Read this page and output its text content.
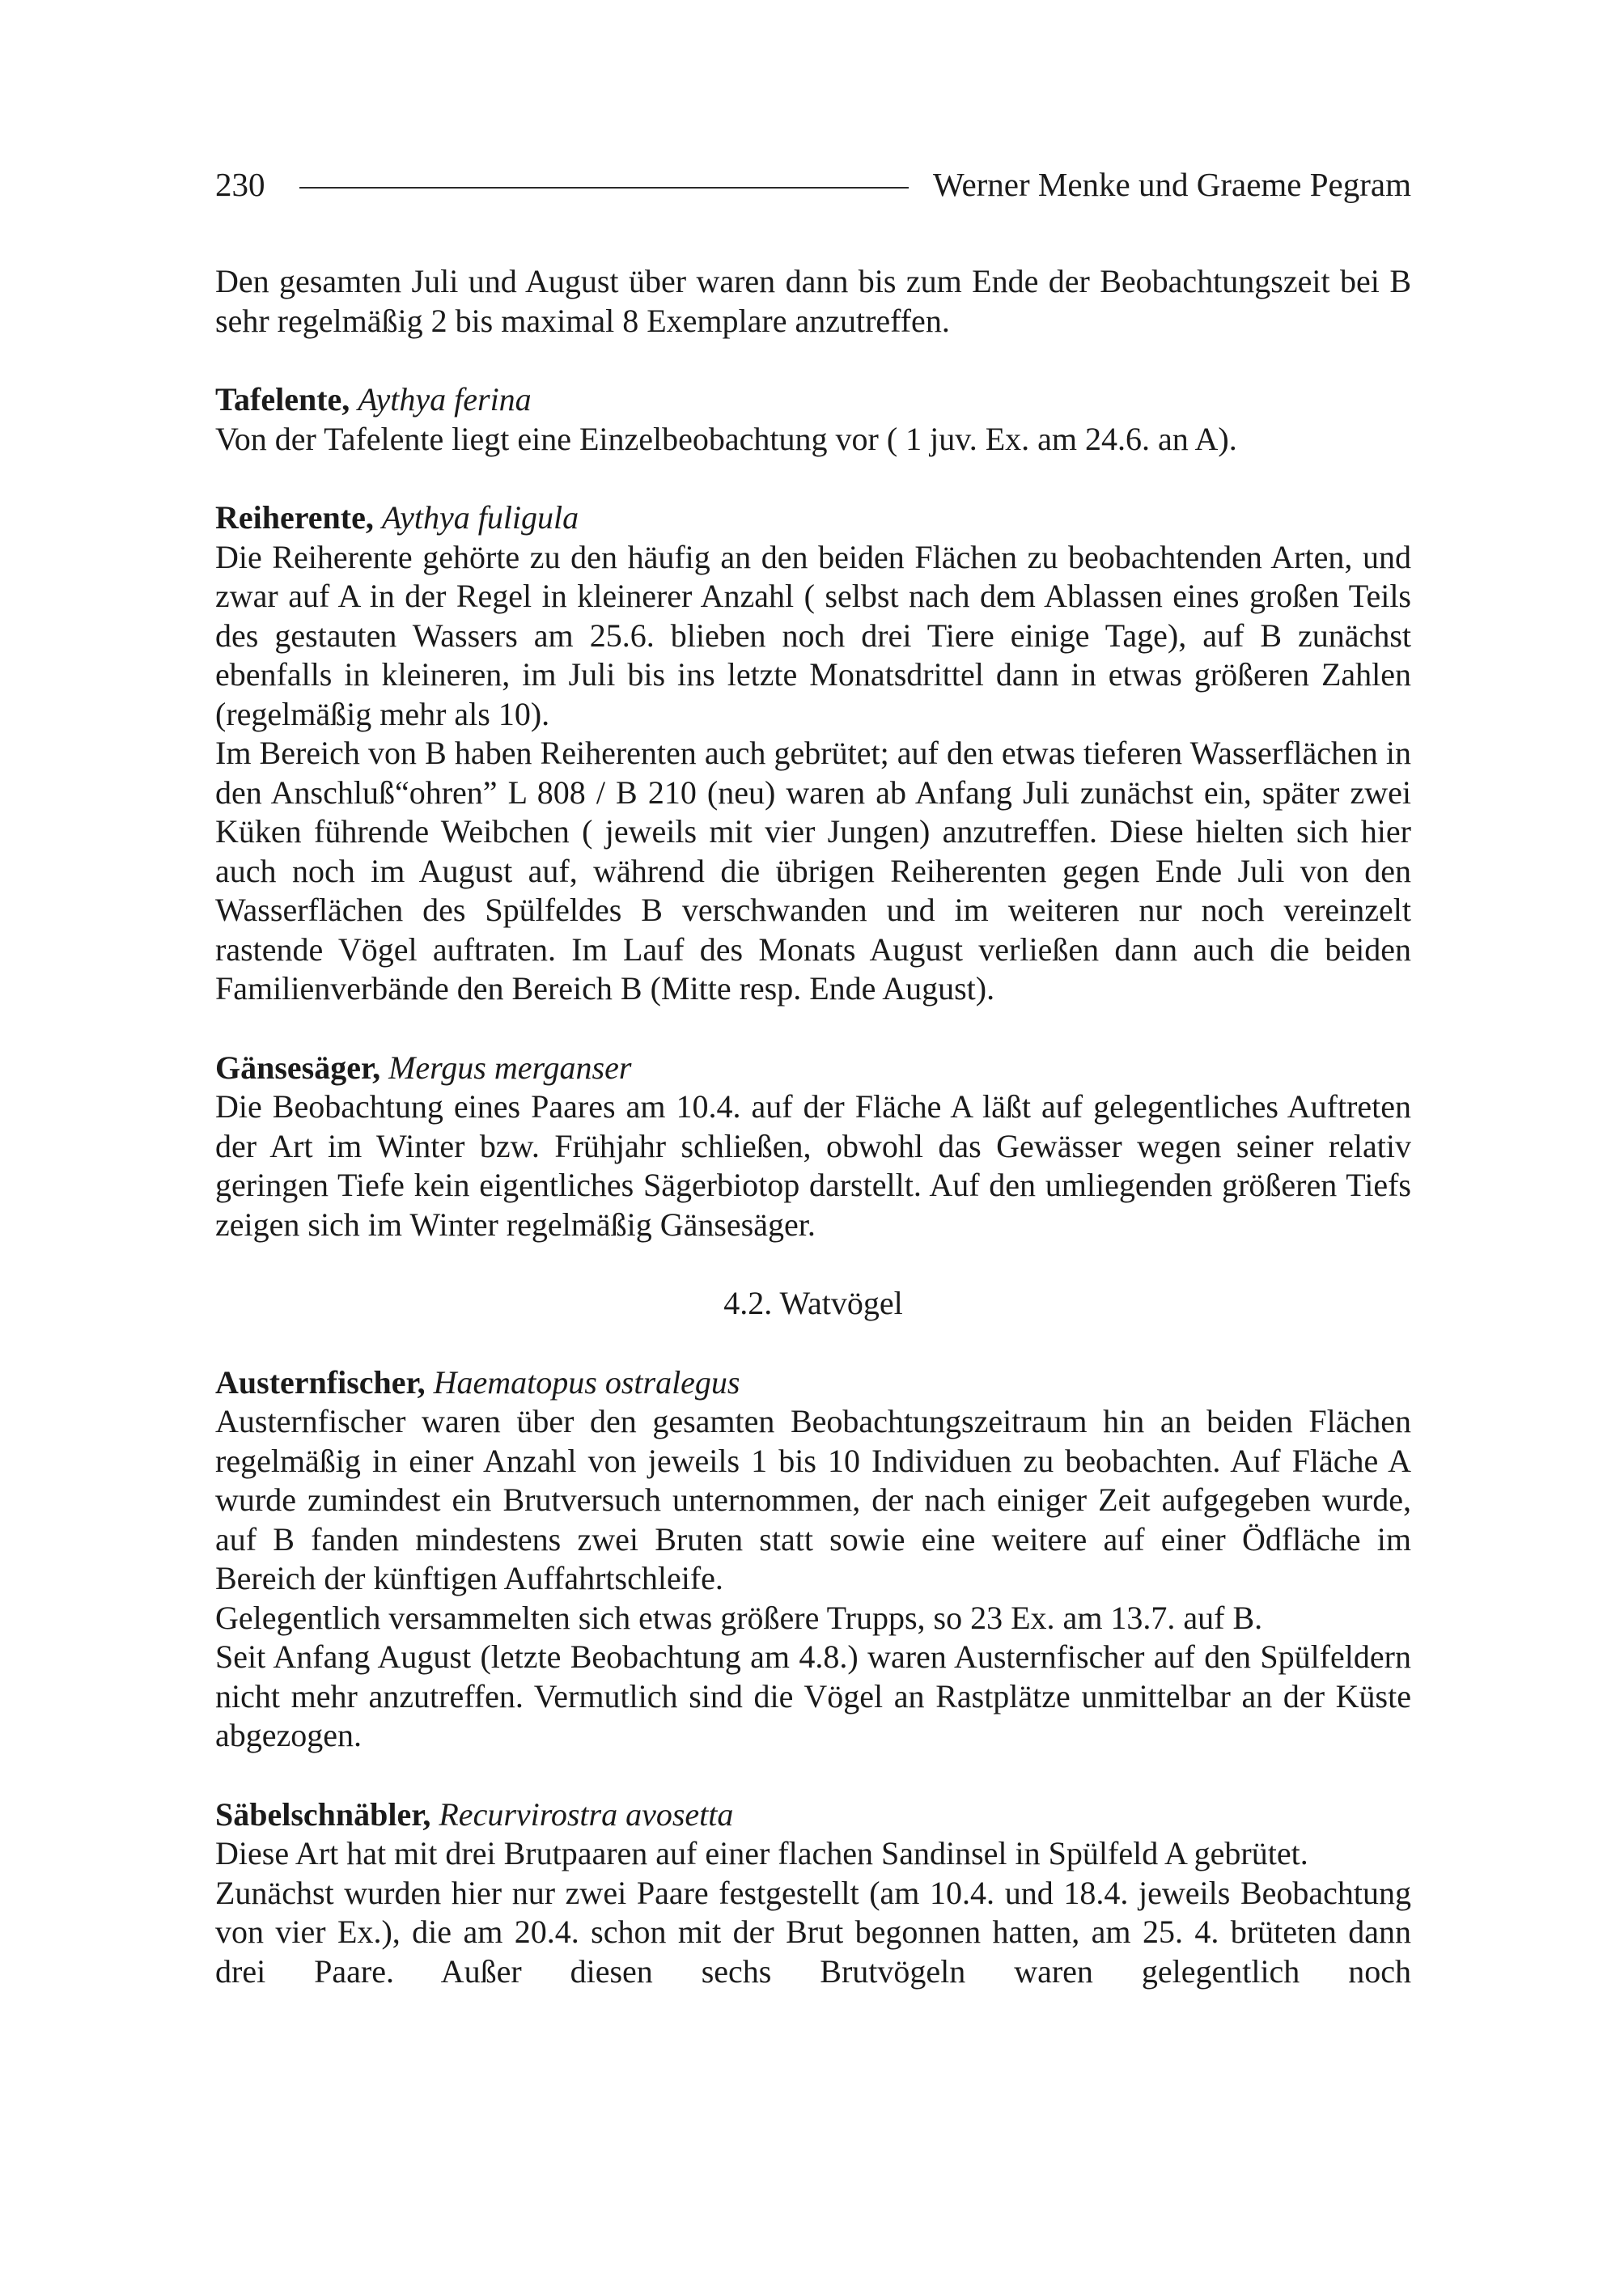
230	Werner Menke und Graeme Pegram

Den gesamten Juli und August über waren dann bis zum Ende der Beobachtungszeit bei B sehr regelmäßig 2 bis maximal 8 Exemplare anzutreffen.

Tafelente, Aythya ferina

Von der Tafelente liegt eine Einzelbeobachtung vor ( 1 juv. Ex. am 24.6. an A).

Reiherente, Aythya fuligula

Die Reiherente gehörte zu den häufig an den beiden Flächen zu beobachtenden Arten, und zwar auf A in der Regel in kleinerer Anzahl ( selbst nach dem Ablassen eines großen Teils des gestauten Wassers am 25.6. blieben noch drei Tiere einige Tage), auf B zunächst ebenfalls in kleineren, im Juli bis ins letzte Monatsdrittel dann in etwas größeren Zahlen (regelmäßig mehr als 10).

Im Bereich von B haben Reiherenten auch gebrütet; auf den etwas tieferen Wasserflächen in den Anschluß“ohren” L 808 / B 210 (neu) waren ab Anfang Juli zunächst ein, später zwei Küken führende Weibchen ( jeweils mit vier Jungen) anzutreffen. Diese hielten sich hier auch noch im August auf, während die übrigen Reiherenten gegen Ende Juli von den Wasserflächen des Spülfeldes B verschwanden und im weiteren nur noch vereinzelt rastende Vögel auftraten. Im Lauf des Monats August verließen dann auch die beiden Familienverbände den Bereich B (Mitte resp. Ende August).

Gänsesäger, Mergus merganser

Die Beobachtung eines Paares am 10.4. auf der Fläche A läßt auf gelegentliches Auftreten der Art im Winter bzw. Frühjahr schließen, obwohl das Gewässer wegen seiner relativ geringen Tiefe kein eigentliches Sägerbiotop darstellt. Auf den umliegenden größeren Tiefs zeigen sich im Winter regelmäßig Gänsesäger.

4.2. Watvögel

Austernfischer, Haematopus ostralegus

Austernfischer waren über den gesamten Beobachtungszeitraum hin an beiden Flächen regelmäßig in einer Anzahl von jeweils 1 bis 10 Individuen zu beobachten. Auf Fläche A wurde zumindest ein Brutversuch unternommen, der nach einiger Zeit aufgegeben wurde, auf B fanden mindestens zwei Bruten statt sowie eine weitere auf einer Ödfläche im Bereich der künftigen Auffahrtschleife.

Gelegentlich versammelten sich etwas größere Trupps, so 23 Ex. am 13.7. auf B.

Seit Anfang August (letzte Beobachtung am 4.8.) waren Austernfischer auf den Spülfeldern nicht mehr anzutreffen. Vermutlich sind die Vögel an Rastplätze unmittelbar an der Küste abgezogen.

Säbelschnäbler, Recurvirostra avosetta

Diese Art hat mit drei Brutpaaren auf einer flachen Sandinsel in Spülfeld A gebrütet.

Zunächst wurden hier nur zwei Paare festgestellt (am 10.4. und 18.4. jeweils Beobachtung von vier Ex.), die am 20.4. schon mit der Brut begonnen hatten, am 25. 4. brüteten dann drei Paare. Außer diesen sechs Brutvögeln waren gelegentlich noch
